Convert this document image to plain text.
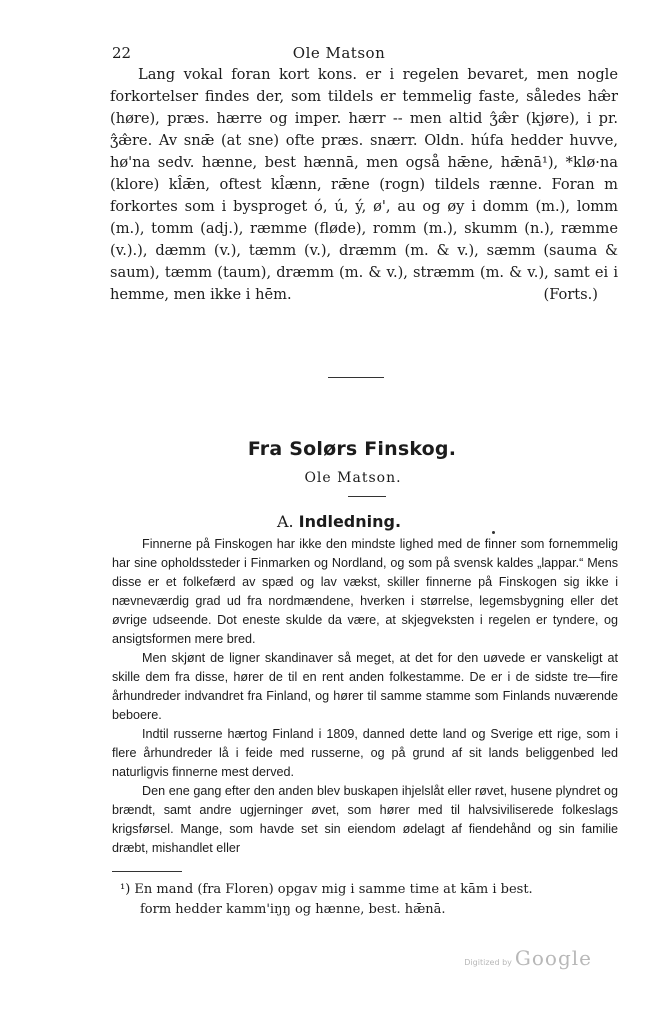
22	Ole Matson

Lang vokal foran kort kons. er i regelen bevaret, men nogle forkortelser findes der, som tildels er temmelig faste, således hæ̂r (høre), præs. hærre og imper. hærr -- men altid ʒ̂æ̂r (kjøre), i pr. ʒ̂æ̂re. Av snǣ (at sne) ofte præs. snærr. Oldn. húfa hedder huvve, hø'na sedv. hænne, best hænnā, men også hǣne, hǣnā¹), *klø·na (klore) kl̂ǣn, oftest kl̂ænn, rǣne (rogn) tildels rænne. Foran m forkortes som i bysproget ó, ú, ý, ø', au og øy i domm (m.), lomm (m.), tomm (adj.), ræmme (fløde), romm (m.), skumm (n.), ræmme (v.).), dæmm (v.), tæmm (v.), dræmm (m. & v.), sæmm (sauma & saum), tæmm (taum), dræmm (m. & v.), stræmm (m. & v.), samt ei i hemme, men ikke i hēm.	(Forts.)

Fra Solørs Finskog.
Ole Matson.
A. Indledning.

Finnerne på Finskogen har ikke den mindste lighed med de finner som fornemmelig har sine opholdssteder i Finmarken og Nordland, og som på svensk kaldes „lappar.“ Mens disse er et folkefærd av spæd og lav vækst, skiller finnerne på Finskogen sig ikke i nævneværdig grad ud fra nordmændene, hverken i størrelse, legemsbygning eller det øvrige udseende. Dot eneste skulde da være, at skjegveksten i regelen er tyndere, og ansigtsformen mere bred.

Men skjønt de ligner skandinaver så meget, at det for den uøvede er vanskeligt at skille dem fra disse, hører de til en rent anden folkestamme. De er i de sidste tre—fire århundreder indvandret fra Finland, og hører til samme stamme som Finlands nuværende beboere.

Indtil russerne hærtog Finland i 1809, danned dette land og Sverige ett rige, som i flere århundreder lå i feide med russerne, og på grund af sit lands beliggenbed led naturligvis finnerne mest derved.

Den ene gang efter den anden blev buskapen ihjelslåt eller røvet, husene plyndret og brændt, samt andre ugjerninger øvet, som hører med til halvsiviliserede folkeslags krigsførsel. Mange, som havde set sin eiendom ødelagt af fiendehånd og sin familie dræbt, mishandlet eller

¹) En mand (fra Floren) opgav mig i samme time at kām i best.

form hedder kamm'iŋŋ og hænne, best. hǣnā.

Digitized by Google
